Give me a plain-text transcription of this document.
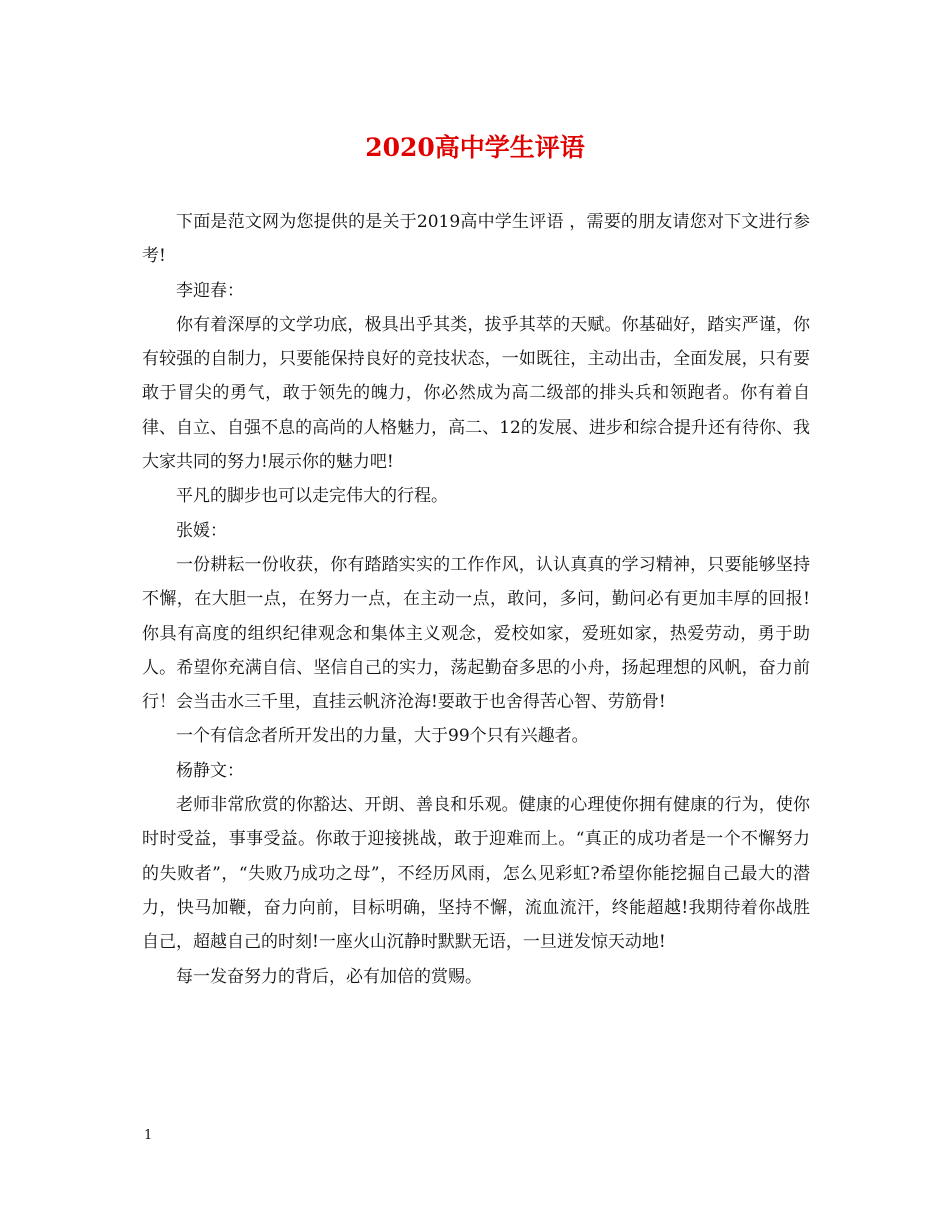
2020高中学生评语

下面是范文网为您提供的是关于2019高中学生评语 ，需要的朋友请您对下文进行参考!

李迎春：

你有着深厚的文学功底，极具出乎其类，拔乎其萃的天赋。你基础好，踏实严谨，你有较强的自制力，只要能保持良好的竞技状态，一如既往，主动出击，全面发展，只有要敢于冒尖的勇气，敢于领先的魄力，你必然成为高二级部的排头兵和领跑者。你有着自律、自立、自强不息的高尚的人格魅力，高二、12的发展、进步和综合提升还有待你、我大家共同的努力!展示你的魅力吧!

平凡的脚步也可以走完伟大的行程。

张媛：

一份耕耘一份收获，你有踏踏实实的工作作风，认认真真的学习精神，只要能够坚持不懈，在大胆一点，在努力一点，在主动一点，敢问，多问，勤问必有更加丰厚的回报!你具有高度的组织纪律观念和集体主义观念，爱校如家，爱班如家，热爱劳动，勇于助人。希望你充满自信、坚信自己的实力，荡起勤奋多思的小舟，扬起理想的风帆，奋力前行！会当击水三千里，直挂云帆济沧海!要敢于也舍得苦心智、劳筋骨!

一个有信念者所开发出的力量，大于99个只有兴趣者。

杨静文：

老师非常欣赏的你豁达、开朗、善良和乐观。健康的心理使你拥有健康的行为，使你时时受益，事事受益。你敢于迎接挑战，敢于迎难而上。“真正的成功者是一个不懈努力的失败者”，“失败乃成功之母”，不经历风雨，怎么见彩虹?希望你能挖掘自己最大的潜力，快马加鞭，奋力向前，目标明确，坚持不懈，流血流汗，终能超越!我期待着你战胜自己，超越自己的时刻!一座火山沉静时默默无语，一旦迸发惊天动地!

每一发奋努力的背后，必有加倍的赏赐。

1
